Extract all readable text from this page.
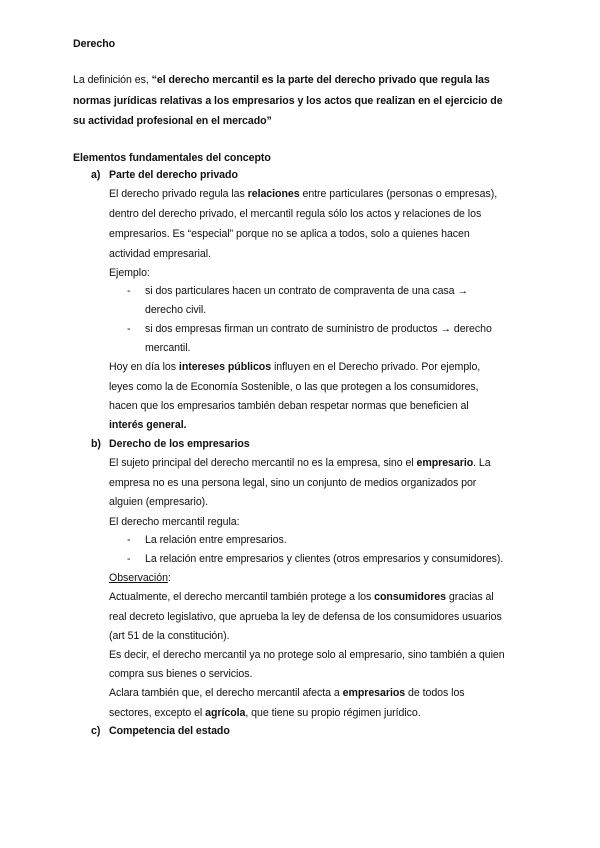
Derecho
La definición es, “el derecho mercantil es la parte del derecho privado que regula las
normas jurídicas relativas a los empresarios y los actos que realizan en el ejercicio de
su actividad profesional en el mercado”
Elementos fundamentales del concepto
a) Parte del derecho privado
El derecho privado regula las relaciones entre particulares (personas o empresas),
dentro del derecho privado, el mercantil regula sólo los actos y relaciones de los
empresarios. Es “especial” porque no se aplica a todos, solo a quienes hacen
actividad empresarial.
Ejemplo:
- si dos particulares hacen un contrato de compraventa de una casa →
derecho civil.
- si dos empresas firman un contrato de suministro de productos → derecho
mercantil.
Hoy en día los intereses públicos influyen en el Derecho privado. Por ejemplo,
leyes como la de Economía Sostenible, o las que protegen a los consumidores,
hacen que los empresarios también deban respetar normas que beneficien al
interés general.
b) Derecho de los empresarios
El sujeto principal del derecho mercantil no es la empresa, sino el empresario. La
empresa no es una persona legal, sino un conjunto de medios organizados por
alguien (empresario).
El derecho mercantil regula:
- La relación entre empresarios.
- La relación entre empresarios y clientes (otros empresarios y consumidores).
Observación:
Actualmente, el derecho mercantil también protege a los consumidores gracias al
real decreto legislativo, que aprueba la ley de defensa de los consumidores usuarios
(art 51 de la constitución).
Es decir, el derecho mercantil ya no protege solo al empresario, sino también a quien
compra sus bienes o servicios.
Aclara también que, el derecho mercantil afecta a empresarios de todos los
sectores, excepto el agrícola, que tiene su propio régimen jurídico.
c) Competencia del estado
